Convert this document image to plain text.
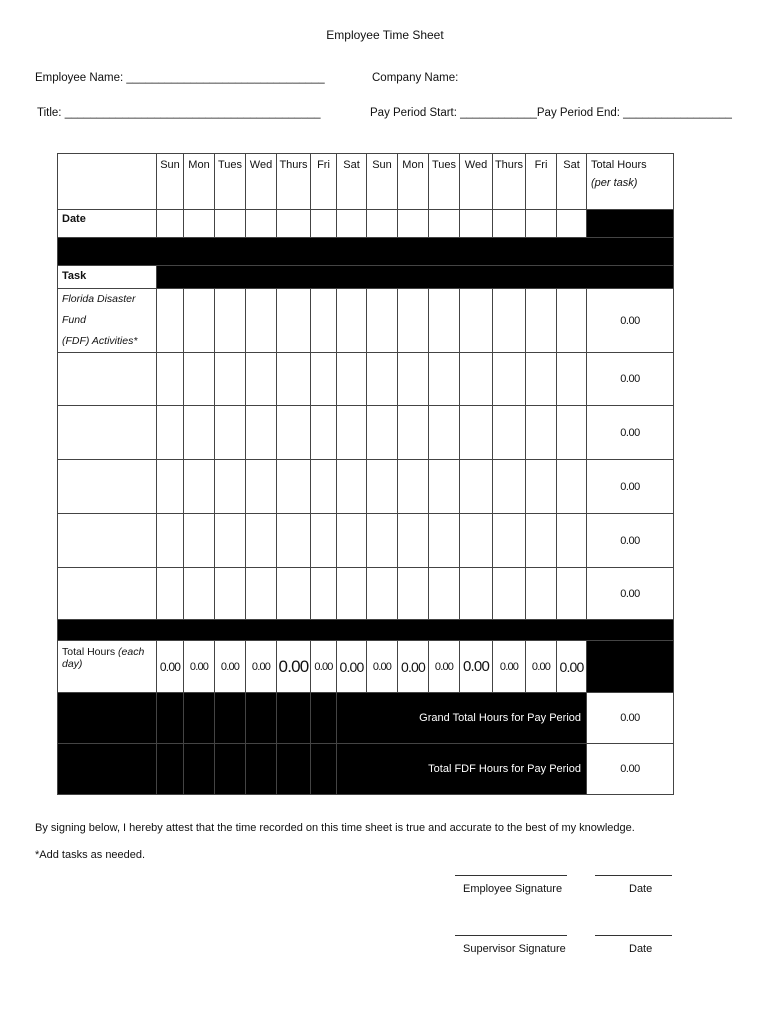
Employee Time Sheet
Employee Name: _______________________________	Company Name:
Title: ________________________________________	Pay Period Start: ____________Pay Period End: _________________
	Sun	Mon	Tues	Wed	Thurs	Fri	Sat	Sun	Mon	Tues	Wed	Thurs	Fri	Sat	Total Hours
(per task)

Date															

Task															

Florida Disaster Fund
(FDF) Activities*															0.00
															0.00
															0.00
															0.00
															0.00
															0.00

Total Hours (each day)	0.00	0.00	0.00	0.00	0.00	0.00	0.00	0.00	0.00	0.00	0.00	0.00	0.00	0.00	
							Grand Total Hours for Pay Period								0.00
							Total FDF Hours for Pay Period								0.00
By signing below, I hereby attest that the time recorded on this time sheet is true and accurate to the best of my knowledge.
*Add tasks as needed.
Employee Signature	Date
Supervisor Signature	Date
